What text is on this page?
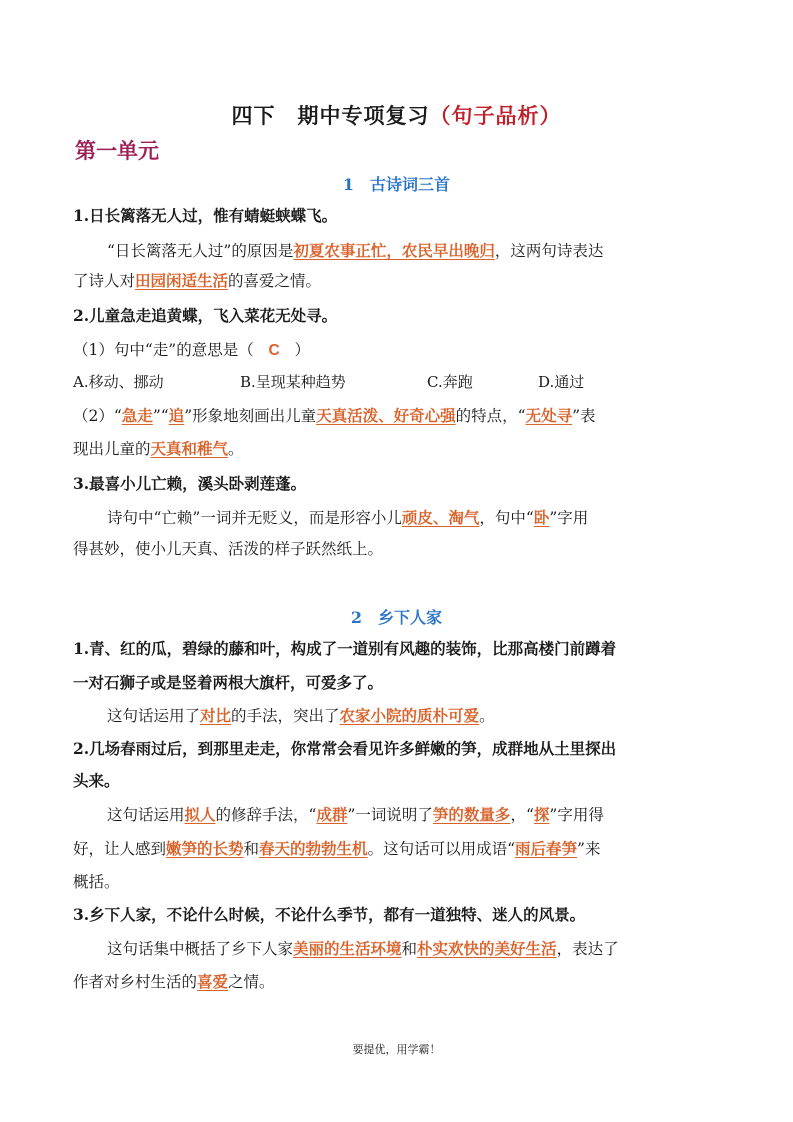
四下　期中专项复习（句子品析）
第一单元
1　古诗词三首
1.日长篱落无人过，惟有蜻蜓蛱蝶飞。
“日长篱落无人过”的原因是初夏农事正忙，农民早出晚归，这两句诗表达
了诗人对田园闲适生活的喜爱之情。
2.儿童急走追黄蝶，飞入菜花无处寻。
（1）句中“走”的意思是（ C ）
A.移动、挪动	B.呈现某种趋势	C.奔跑	D.通过
（2）“急走”“追”形象地刻画出儿童天真活泼、好奇心强的特点，“无处寻”表
现出儿童的天真和稚气。
3.最喜小儿亡赖，溪头卧剥莲蓬。
诗句中“亡赖”一词并无贬义，而是形容小儿顽皮、淘气，句中“卧”字用
得甚妙，使小儿天真、活泼的样子跃然纸上。
2　乡下人家
1.青、红的瓜，碧绿的藤和叶，构成了一道别有风趣的装饰，比那高楼门前蹲着
一对石狮子或是竖着两根大旗杆，可爱多了。
这句话运用了对比的手法，突出了农家小院的质朴可爱。
2.几场春雨过后，到那里走走，你常常会看见许多鲜嫩的笋，成群地从土里探出
头来。
这句话运用拟人的修辞手法，“成群”一词说明了笋的数量多，“探”字用得
好，让人感到嫩笋的长势和春天的勃勃生机。这句话可以用成语“雨后春笋”来
概括。
3.乡下人家，不论什么时候，不论什么季节，都有一道独特、迷人的风景。
这句话集中概括了乡下人家美丽的生活环境和朴实欢快的美好生活，表达了
作者对乡村生活的喜爱之情。
要提优，用学霸！
